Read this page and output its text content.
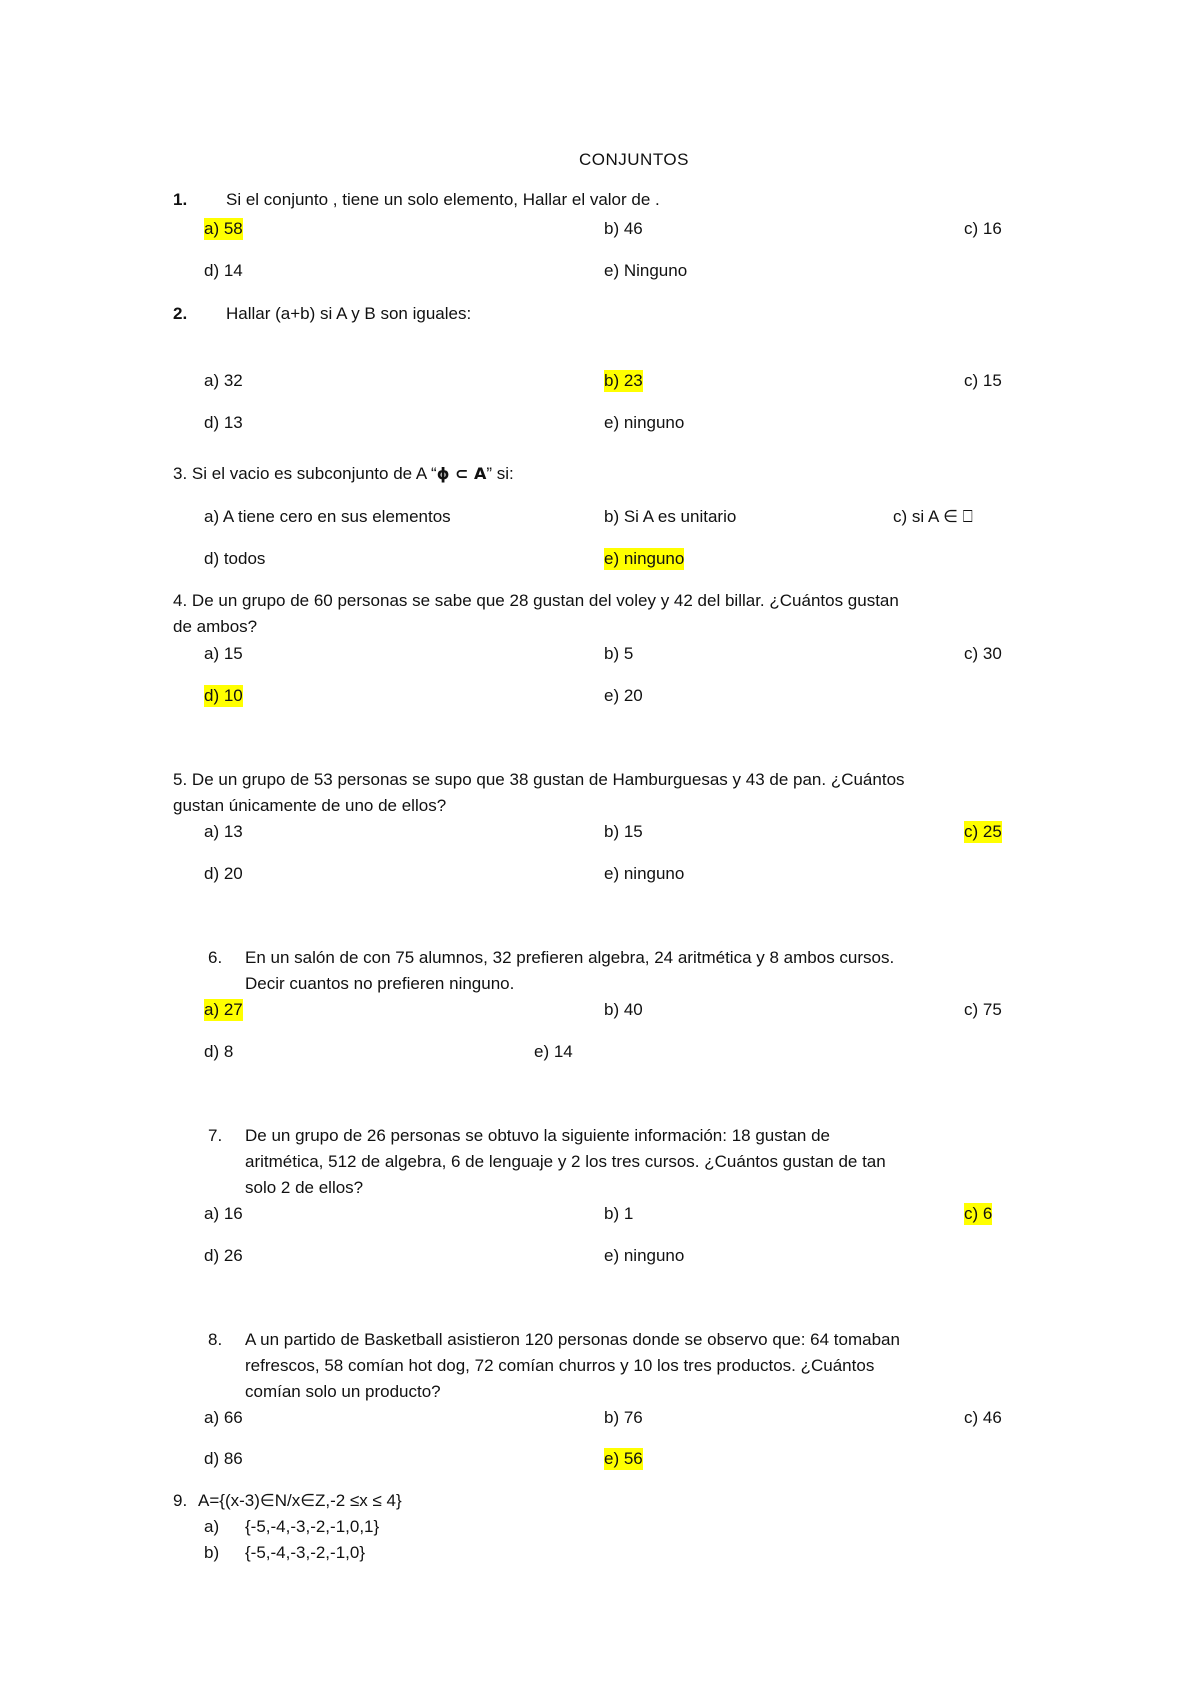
CONJUNTOS
1. Si el conjunto , tiene un solo elemento, Hallar el valor de .
a) 58	b) 46	c) 16
d) 14	e) Ninguno
2. Hallar (a+b) si A y B son iguales:
a) 32	b) 23	c) 15
d) 13	e) ninguno
3. Si el vacio es subconjunto de A “ϕ ⊂ A” si:
a) A tiene cero en sus elementos	b) Si A es unitario	c) si A ∈ ⎕
d) todos	e) ninguno
4. De un grupo de 60 personas se sabe que 28 gustan del voley y 42 del billar. ¿Cuántos gustan
de ambos?
a) 15	b) 5	c) 30
d) 10	e) 20
5. De un grupo de 53 personas se supo que 38 gustan de Hamburguesas y 43 de pan. ¿Cuántos
gustan únicamente de uno de ellos?
a) 13	b) 15	c) 25
d) 20	e) ninguno
6. En un salón de con 75 alumnos, 32 prefieren algebra, 24 aritmética y 8 ambos cursos.
Decir cuantos no prefieren ninguno.
a) 27	b) 40	c) 75
d) 8	e) 14
7. De un grupo de 26 personas se obtuvo la siguiente información: 18 gustan de
aritmética, 512 de algebra, 6 de lenguaje y 2 los tres cursos. ¿Cuántos gustan de tan
solo 2 de ellos?
a) 16	b) 1	c) 6
d) 26	e) ninguno
8. A un partido de Basketball asistieron 120 personas donde se observo que: 64 tomaban
refrescos, 58 comían hot dog, 72 comían churros y 10 los tres productos. ¿Cuántos
comían solo un producto?
a) 66	b) 76	c) 46
d) 86	e) 56
9. A={(x-3)∈N/x∈Z,-2 ≤x ≤ 4}
a) {-5,-4,-3,-2,-1,0,1}
b) {-5,-4,-3,-2,-1,0}
